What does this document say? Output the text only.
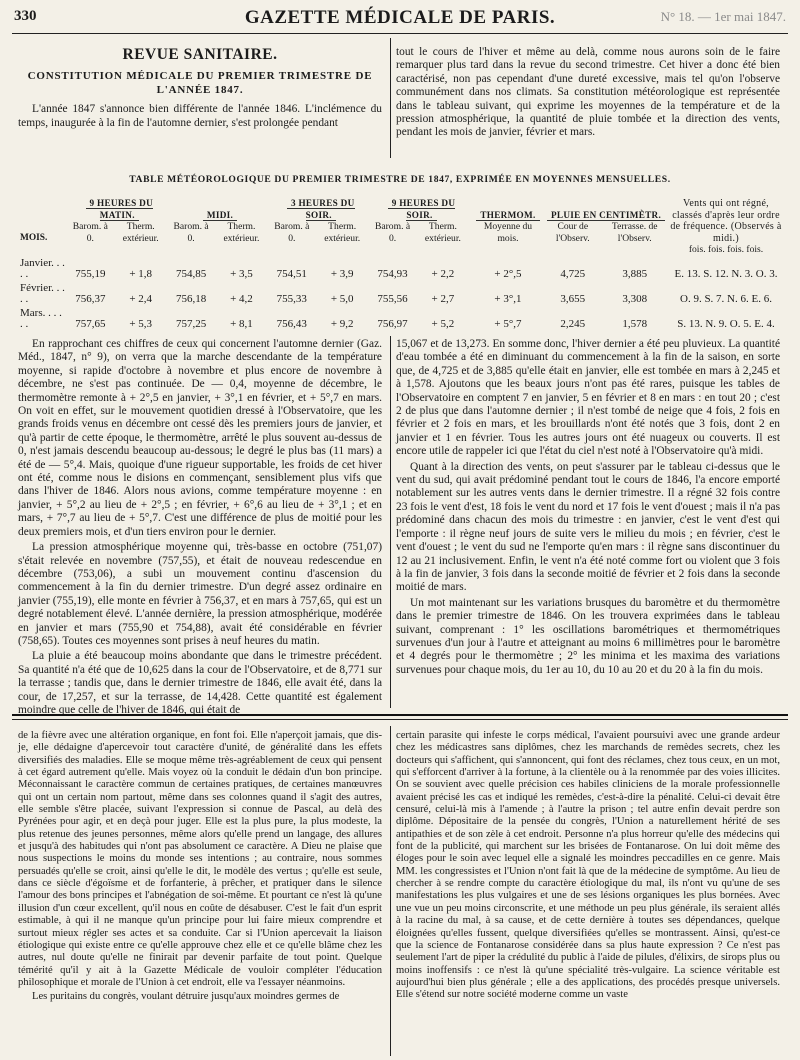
330	GAZETTE MÉDICALE DE PARIS.	N° 18. — 1er mai 1847.
REVUE SANITAIRE.
CONSTITUTION MÉDICALE DU PREMIER TRIMESTRE DE L'ANNÉE 1847.

L'année 1847 s'annonce bien différente de l'année 1846. L'inclémence du temps, inaugurée à la fin de l'automne dernier, s'est prolongée pendant

tout le cours de l'hiver et même au delà, comme nous aurons soin de le faire remarquer plus tard dans la revue du second trimestre. Cet hiver a donc été bien caractérisé, non pas cependant d'une dureté excessive, mais tel qu'on l'observe communément dans nos climats. Sa constitution météorologique est représentée dans le tableau suivant, qui exprime les moyennes de la température et de la pression atmosphérique, la quantité de pluie tombée et la direction des vents, pendant les mois de janvier, février et mars.

TABLE MÉTÉOROLOGIQUE DU PREMIER TRIMESTRE DE 1847, EXPRIMÉE EN MOYENNES MENSUELLES.
	9 HEURES DU MATIN.		MIDI.		3 HEURES DU SOIR.		9 HEURES DU SOIR.		THERMOM.	PLUIE EN CENTIMÈTR.		Vents qui ont régné, classés d'après leur ordre de fréquence. (Observés à midi.)
MOIS.	Barom. à 0.	Therm. extérieur.	Barom. à 0.	Therm. extérieur.	Barom. à 0.	Therm. extérieur.	Barom. à 0.	Therm. extérieur.	Moyenne du mois.	Cour de l'Observ.	Terrasse. de l'Observ.	
												fois. fois. fois. fois.
Janvier. . . . .	755,19	+ 1,8	754,85	+ 3,5	754,51	+ 3,9	754,93	+ 2,2	+ 2°,5	4,725	3,885	E. 13. S. 12. N. 3. O. 3.
Février. . . . .	756,37	+ 2,4	756,18	+ 4,2	755,33	+ 5,0	755,56	+ 2,7	+ 3°,1	3,655	3,308	O. 9. S. 7. N. 6. E. 6.
Mars. . . . . .	757,65	+ 5,3	757,25	+ 8,1	756,43	+ 9,2	756,97	+ 5,2	+ 5°,7	2,245	1,578	S. 13. N. 9. O. 5. E. 4.

En rapprochant ces chiffres de ceux qui concernent l'automne dernier (Gaz. Méd., 1847, n° 9), on verra que la marche descendante de la température moyenne, si rapide d'octobre à novembre et plus encore de novembre à décembre, ne s'est pas continuée. De — 0,4, moyenne de décembre, le thermomètre remonte à + 2°,5 en janvier, + 3°,1 en février, et + 5°,7 en mars. On voit en effet, sur le mouvement quotidien dressé à l'Observatoire, que les grands froids venus en décembre ont cessé dès les premiers jours de janvier, et qu'à partir de cette époque, le thermomètre, arrêté le plus souvent au-dessus de 0, n'est jamais descendu beaucoup au-dessous; le degré le plus bas (11 mars) a été de — 5°,4. Mais, quoique d'une rigueur supportable, les froids de cet hiver ont été, comme nous le disions en commençant, sensiblement plus vifs que dans l'hiver de 1846. Alors nous avions, comme température moyenne : en janvier, + 5°,2 au lieu de + 2°,5 ; en février, + 6°,6 au lieu de + 3°,1 ; et en mars, + 7°,7 au lieu de + 5°,7. C'est une différence de plus de moitié pour les deux premiers mois, et d'un tiers environ pour le dernier.

La pression atmosphérique moyenne qui, très-basse en octobre (751,07) s'était relevée en novembre (757,55), et était de nouveau redescendue en décembre (753,06), a subi un mouvement continu d'ascension du commencement à la fin du dernier trimestre. D'un degré assez ordinaire en janvier (755,19), elle monte en février à 756,37, et en mars à 757,65, qui est un degré notablement élevé. L'année dernière, la pression atmosphérique, modérée en janvier et mars (755,90 et 754,88), avait été considérable en février (758,65). Toutes ces moyennes sont prises à neuf heures du matin.

La pluie a été beaucoup moins abondante que dans le trimestre précédent. Sa quantité n'a été que de 10,625 dans la cour de l'Observatoire, et de 8,771 sur la terrasse ; tandis que, dans le dernier trimestre de 1846, elle avait été, dans la cour, de 17,257, et sur la terrasse, de 14,428. Cette quantité est également moindre que celle de l'hiver de 1846, qui était de

15,067 et de 13,273. En somme donc, l'hiver dernier a été peu pluvieux. La quantité d'eau tombée a été en diminuant du commencement à la fin de la saison, en sorte que, de 4,725 et de 3,885 qu'elle était en janvier, elle est tombée en mars à 2,245 et à 1,578. Ajoutons que les beaux jours n'ont pas été rares, puisque les tables de l'Observatoire en comptent 7 en janvier, 5 en février et 8 en mars : en tout 20 ; c'est 2 de plus que dans l'automne dernier ; il n'est tombé de neige que 4 fois, 2 fois en février et 2 fois en mars, et les brouillards n'ont été notés que 3 fois, dont 2 en janvier et 1 en février. Tous les autres jours ont été nuageux ou couverts. Il est encore utile de rappeler ici que l'état du ciel n'est noté à l'Observatoire qu'à midi.

Quant à la direction des vents, on peut s'assurer par le tableau ci-dessus que le vent du sud, qui avait prédominé pendant tout le cours de 1846, l'a encore emporté notablement sur les autres vents dans le dernier trimestre. Il a régné 32 fois contre 23 fois le vent d'est, 18 fois le vent du nord et 17 fois le vent d'ouest ; mais il n'a pas prédominé dans chacun des mois du trimestre : en janvier, c'est le vent d'est qui l'emporte : il règne neuf jours de suite vers le milieu du mois ; en février, c'est le vent d'ouest ; le vent du sud ne l'emporte qu'en mars : il règne sans discontinuer du 12 au 21 inclusivement. Enfin, le vent n'a été noté comme fort ou violent que 3 fois à la fin de janvier, 3 fois dans la seconde moitié de février et 2 fois dans la seconde moitié de mars.

Un mot maintenant sur les variations brusques du baromètre et du thermomètre dans le premier trimestre de 1846. On les trouvera exprimées dans le tableau suivant, comprenant : 1° les oscillations barométriques et thermométriques survenues d'un jour à l'autre et atteignant au moins 6 millimètres pour le baromètre et 4 degrés pour le thermomètre ; 2° les minima et les maxima des variations survenues pour chaque mois, du 1er au 10, du 10 au 20 et du 20 à la fin du mois.

de la fièvre avec une altération organique, en font foi. Elle n'aperçoit jamais, que dis-je, elle dédaigne d'apercevoir tout caractère d'unité, de généralité dans les effets diversifiés des maladies. Elle se moque même très-agréablement de ceux qui pensent à cet égard autrement qu'elle. Mais voyez où la conduit le dédain d'un bon principe. Méconnaissant le caractère commun de certaines pratiques, de certaines manœuvres qui ont un certain nom partout, même dans ses colonnes quand il s'agit des autres, elle semble s'être placée, suivant l'expression si connue de Pascal, au delà des Pyrénées pour agir, et en deçà pour juger. Elle est la plus pure, la plus modeste, la plus retenue des jeunes personnes, même alors qu'elle prend un langage, des allures et jusqu'à des habitudes qui n'ont pas absolument ce caractère. A Dieu ne plaise que nous suspections le moins du monde ses intentions ; au contraire, nous sommes persuadés qu'elle se croit, ainsi qu'elle le dit, le modèle des vertus ; qu'elle est seule, dans ce siècle d'égoïsme et de forfanterie, à prêcher, et pratiquer dans le silence l'amour des bons principes et l'abnégation de soi-même. Et pourtant ce n'est là qu'une illusion d'un cœur excellent, qu'il nous en coûte de désabuser. C'est le fait d'un esprit estimable, à qui il ne manque qu'un principe pour lui faire mieux comprendre et surtout mieux régler ses actes et sa conduite. Car si l'Union apercevait la liaison étiologique qui existe entre ce qu'elle approuve chez elle et ce qu'elle blâme chez les autres, nul doute qu'elle ne finirait par devenir parfaite de tout point. Quelque témérité qu'il y ait à la Gazette Médicale de vouloir compléter l'éducation philosophique et morale de l'Union à cet endroit, elle va l'essayer néanmoins.

Les puritains du congrès, voulant détruire jusqu'aux moindres germes de

certain parasite qui infeste le corps médical, l'avaient poursuivi avec une grande ardeur chez les médicastres sans diplômes, chez les marchands de remèdes secrets, chez les docteurs qui s'affichent, qui s'annoncent, qui font des réclames, chez tous ceux, en un mot, qui s'efforcent d'arriver à la fortune, à la clientèle ou à la renommée par des voies illicites. On se souvient avec quelle précision ces habiles cliniciens de la morale professionnelle avaient précisé les cas et indiqué les remèdes, c'est-à-dire la pénalité. Celui-ci devait être censuré, celui-là mis à l'amende ; à l'autre la prison ; tel autre enfin devait perdre son diplôme. Dépositaire de la pensée du congrès, l'Union a naturellement hérité de ses antipathies et de son zèle à cet endroit. Personne n'a plus horreur qu'elle des médecins qui font de la publicité, qui marchent sur les brisées de Fontanarose. On lui doit même des éloges pour le soin avec lequel elle a signalé les moindres peccadilles en ce genre. Mais MM. les congressistes et l'Union n'ont fait là que de la médecine de symptôme. Au lieu de chercher à se rendre compte du caractère étiologique du mal, ils n'ont vu qu'une de ses manifestations les plus vulgaires et une de ses lésions organiques les plus bornées. Avec une vue un peu moins circonscrite, et une méthode un peu plus générale, ils seraient allés à la racine du mal, à sa cause, et de cette dernière à toutes ses dépendances, quelque éloignées qu'elles fussent, quelque diversifiées qu'elles se montrassent. Ainsi, qu'est-ce que la science de Fontanarose considérée dans sa plus haute expression ? Ce n'est pas seulement l'art de piper la crédulité du public à l'aide de pilules, d'élixirs, de sirops plus ou moins inoffensifs : ce n'est là qu'une spécialité très-vulgaire. La science véritable est aujourd'hui bien plus générale ; elle a des applications, des procédés presque universels. Elle s'étend sur notre société moderne comme un vaste
